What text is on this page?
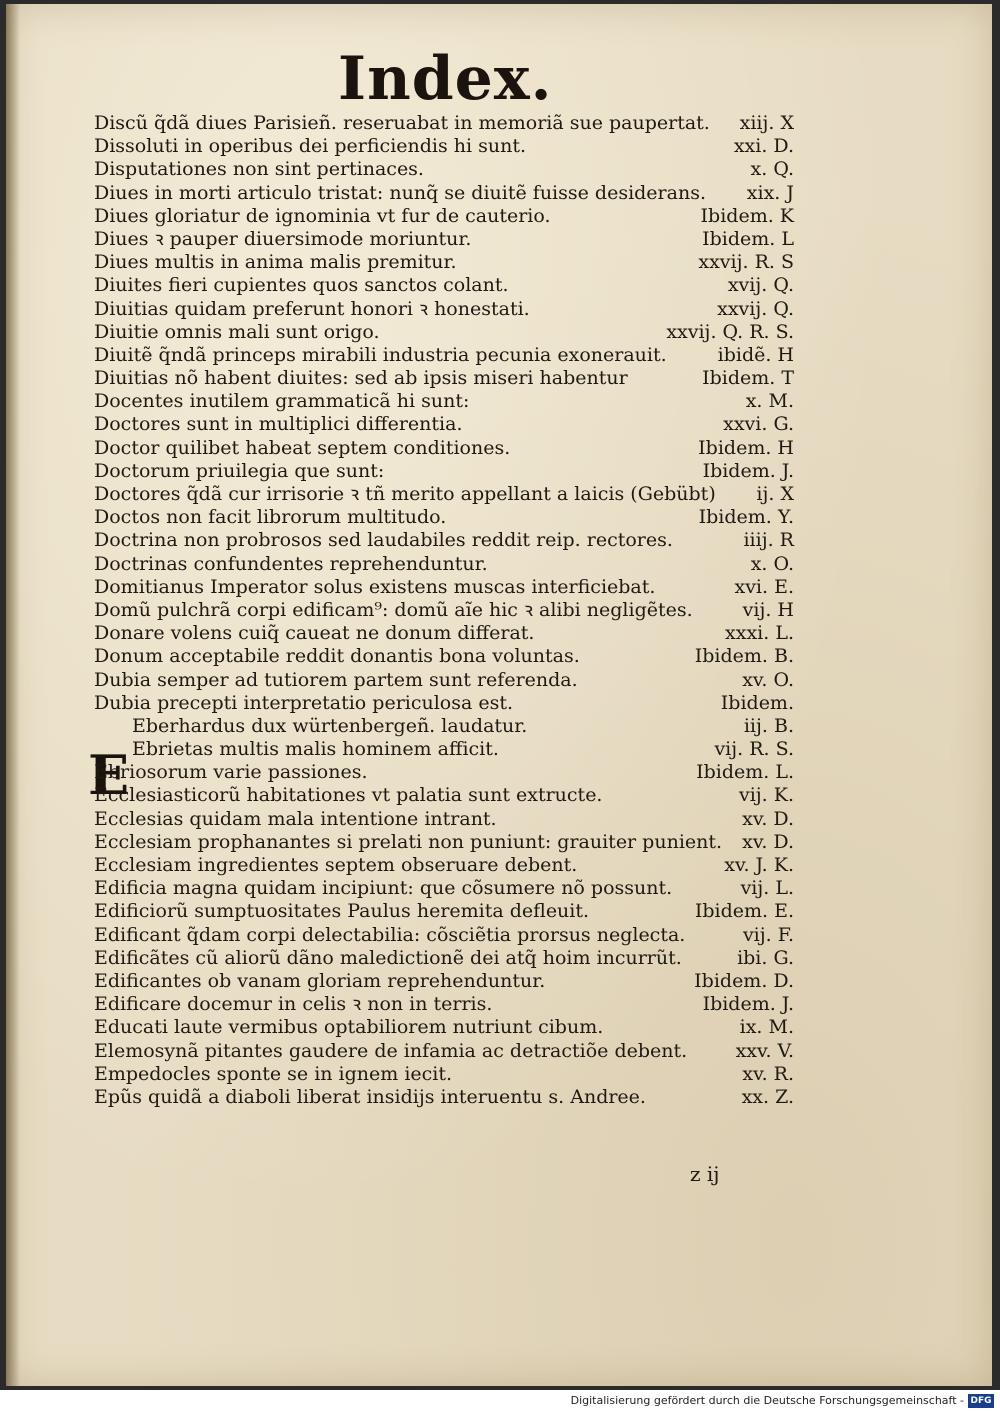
Index.
E
Discũ q̃dã diues Parisieñ. reseruabat in memoriã sue paupertat.	xiij. X
Dissoluti in operibus dei perficiendis hi sunt.	xxi. D.
Disputationes non sint pertinaces.	x. Q.
Diues in morti articulo tristat: nunq̃ se diuitẽ fuisse desiderans.	xix. J
Diues gloriatur de ignominia vt fur de cauterio.	Ibidem. K
Diues ꝛ pauper diuersimode moriuntur.	Ibidem. L
Diues multis in anima malis premitur.	xxvij. R. S
Diuites fieri cupientes quos sanctos colant.	xvij. Q.
Diuitias quidam preferunt honori ꝛ honestati.	xxvij. Q.
Diuitie omnis mali sunt origo.	xxvij. Q. R. S.
Diuitẽ q̃ndã princeps mirabili industria pecunia exonerauit.	ibidẽ. H
Diuitias nõ habent diuites: sed ab ipsis miseri habentur	Ibidem. T
Docentes inutilem grammaticã hi sunt:	x. M.
Doctores sunt in multiplici differentia.	xxvi. G.
Doctor quilibet habeat septem conditiones.	Ibidem. H
Doctorum priuilegia que sunt:	Ibidem. J.
Doctores q̃dã cur irrisorie ꝛ tñ merito appellant a laicis (Gebübt)	ij. X
Doctos non facit librorum multitudo.	Ibidem. Y.
Doctrina non probrosos sed laudabiles reddit reip. rectores.	iiij. R
Doctrinas confundentes reprehenduntur.	x. O.
Domitianus Imperator solus existens muscas interficiebat.	xvi. E.
Domũ pulchrã corpi edificam⁹: domũ aĩe hic ꝛ alibi negligẽtes.	vij. H
Donare volens cuiq̃ caueat ne donum differat.	xxxi. L.
Donum acceptabile reddit donantis bona voluntas.	Ibidem. B.
Dubia semper ad tutiorem partem sunt referenda.	xv. O.
Dubia precepti interpretatio periculosa est.	Ibidem.
Eberhardus dux würtenbergeñ. laudatur.	iij. B.
Ebrietas multis malis hominem afficit.	vij. R. S.
Ebriosorum varie passiones.	Ibidem. L.
Ecclesiasticorũ habitationes vt palatia sunt extructe.	vij. K.
Ecclesias quidam mala intentione intrant.	xv. D.
Ecclesiam prophanantes si prelati non puniunt: grauiter punient.	xv. D.
Ecclesiam ingredientes septem obseruare debent.	xv. J. K.
Edificia magna quidam incipiunt: que cõsumere nõ possunt.	vij. L.
Edificiorũ sumptuositates Paulus heremita defleuit.	Ibidem. E.
Edificant q̃dam corpi delectabilia: cõsciẽtia prorsus neglecta.	vij. F.
Edificãtes cũ aliorũ dãno maledictionẽ dei atq̃ hoim incurrũt.	ibi. G.
Edificantes ob vanam gloriam reprehenduntur.	Ibidem. D.
Edificare docemur in celis ꝛ non in terris.	Ibidem. J.
Educati laute vermibus optabiliorem nutriunt cibum.	ix. M.
Elemosynã pitantes gaudere de infamia ac detractiõe debent.	xxv. V.
Empedocles sponte se in ignem iecit.	xv. R.
Epũs quidã a diaboli liberat insidijs interuentu s. Andree.	xx. Z.
z ij
Digitalisierung gefördert durch die Deutsche Forschungsgemeinschaft - DFG
